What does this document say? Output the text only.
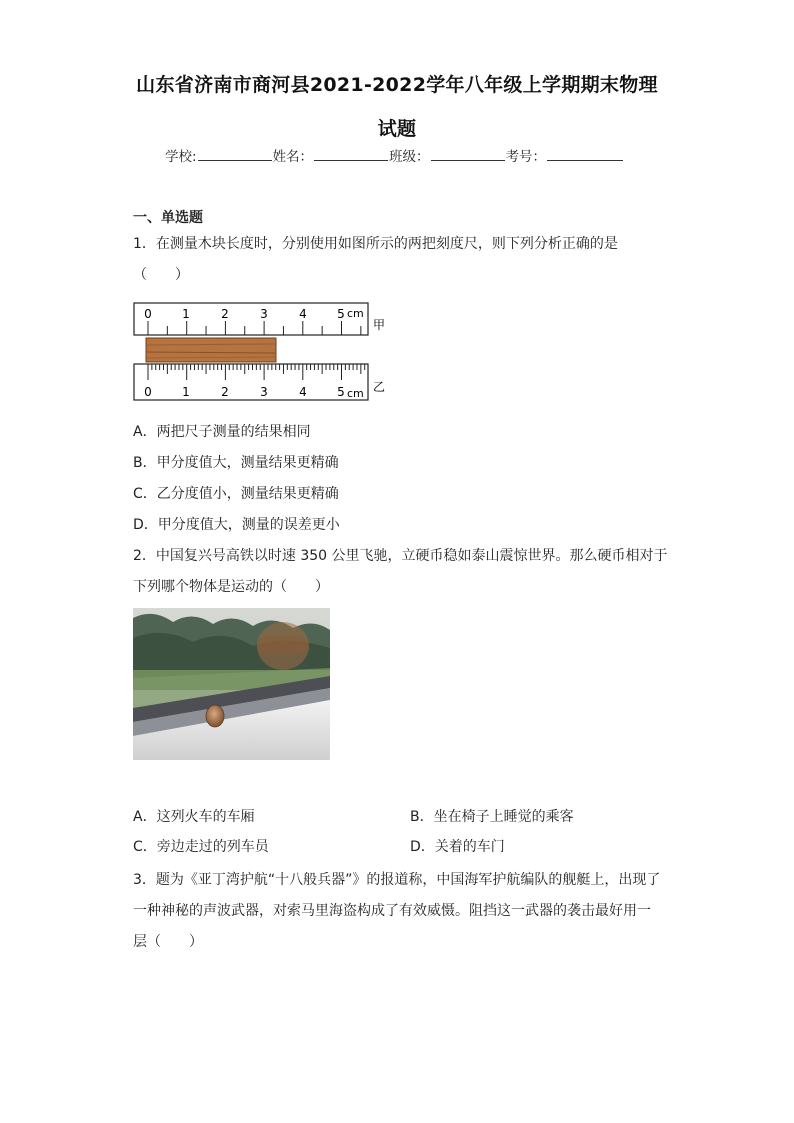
山东省济南市商河县2021-2022学年八年级上学期期末物理
试题
学校:	姓名：	班级：	考号：
一、单选题
1．在测量木块长度时，分别使用如图所示的两把刻度尺，则下列分析正确的是
（　　）
0	1	2	3	4	5 cm
甲
0	1	2	3	4	5 cm 乙
A．两把尺子测量的结果相同
B．甲分度值大，测量结果更精确
C．乙分度值小，测量结果更精确
D．甲分度值大，测量的误差更小
2．中国复兴号高铁以时速 350 公里飞驰，立硬币稳如泰山震惊世界。那么硬币相对于
下列哪个物体是运动的（　　）
A．这列火车的车厢	B．坐在椅子上睡觉的乘客
C．旁边走过的列车员	D．关着的车门
3．题为《亚丁湾护航“十八般兵器”》的报道称，中国海军护航编队的舰艇上，出现了
一种神秘的声波武器，对索马里海盗构成了有效威慑。阻挡这一武器的袭击最好用一
层（　　）
